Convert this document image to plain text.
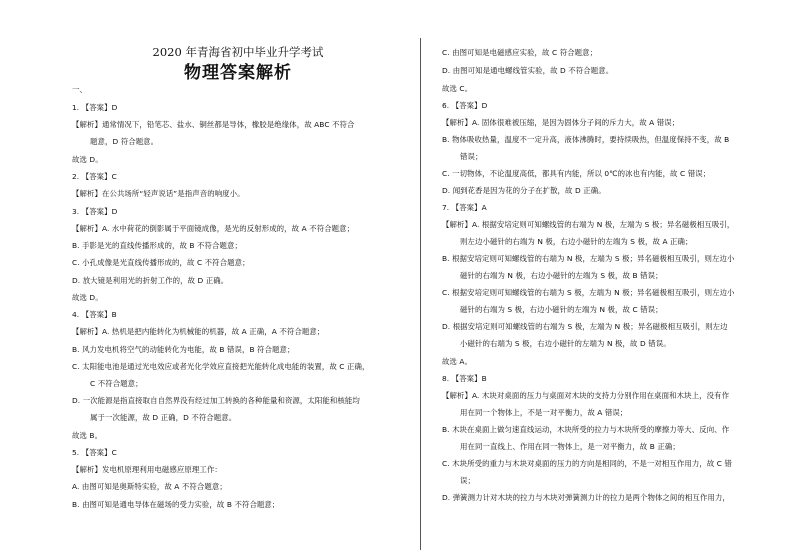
2020 年青海省初中毕业升学考试
物理答案解析
一、
1. 【答案】D
【解析】通常情况下，铅笔芯、盐水、铜丝都是导体，橡胶是绝缘体，故 ABC 不符合
题意，D 符合题意。
故选 D。
2. 【答案】C
【解析】在公共场所“轻声说话”是指声音的响度小。
3. 【答案】D
【解析】A. 水中荷花的倒影属于平面镜成像，是光的反射形成的，故 A 不符合题意；
B. 手影是光的直线传播形成的，故 B 不符合题意；
C. 小孔成像是光直线传播形成的，故 C 不符合题意；
D. 放大镜是利用光的折射工作的，故 D 正确。
故选 D。
4. 【答案】B
【解析】A. 热机是把内能转化为机械能的机器，故 A 正确，A 不符合题意；
B. 风力发电机将空气的动能转化为电能，故 B 错误，B 符合题意；
C. 太阳能电池是通过光电效应或者光化学效应直接把光能转化成电能的装置，故 C 正确，
C 不符合题意；
D. 一次能源是指直接取自自然界没有经过加工转换的各种能量和资源，太阳能和核能均
属于一次能源，故 D 正确，D 不符合题意。
故选 B。
5. 【答案】C
【解析】发电机原理利用电磁感应原理工作：
A. 由图可知是奥斯特实验，故 A 不符合题意；
B. 由图可知是通电导体在磁场的受力实验，故 B 不符合题意；
C. 由图可知是电磁感应实验，故 C 符合题意；
D. 由图可知是通电螺线管实验，故 D 不符合题意。
故选 C。
6. 【答案】D
【解析】A. 固体很难被压缩，是因为固体分子间的斥力大，故 A 错误；
B. 物体吸收热量，温度不一定升高，液体沸腾时，要持续吸热，但温度保持不变，故 B
错误；
C. 一切物体，不论温度高低，都具有内能，所以 0℃的冰也有内能，故 C 错误；
D. 闻到花香是因为花的分子在扩散，故 D 正确。
7. 【答案】A
【解析】A. 根据安培定则可知螺线管的右端为 N 极，左端为 S 极；异名磁极相互吸引，
则左边小磁针的右端为 N 极，右边小磁针的左端为 S 极，故 A 正确；
B. 根据安培定则可知螺线管的右端为 N 极，左端为 S 极；异名磁极相互吸引，则左边小
磁针的右端为 N 极，右边小磁针的左端为 S 极，故 B 错误；
C. 根据安培定则可知螺线管的右端为 S 极，左端为 N 极；异名磁极相互吸引，则左边小
磁针的右端为 S 极，右边小磁针的左端为 N 极，故 C 错误；
D. 根据安培定则可知螺线管的右端为 S 极，左端为 N 极；异名磁极相互吸引，则左边
小磁针的右端为 S 极，右边小磁针的左端为 N 极，故 D 错误。
故选 A。
8. 【答案】B
【解析】A. 木块对桌面的压力与桌面对木块的支持力分别作用在桌面和木块上，没有作
用在同一个物体上，不是一对平衡力，故 A 错误；
B. 木块在桌面上做匀速直线运动，木块所受的拉力与木块所受的摩擦力等大、反向、作
用在同一直线上、作用在同一物体上，是一对平衡力，故 B 正确；
C. 木块所受的重力与木块对桌面的压力的方向是相同的，不是一对相互作用力，故 C 错
误；
D. 弹簧测力计对木块的拉力与木块对弹簧测力计的拉力是两个物体之间的相互作用力，
